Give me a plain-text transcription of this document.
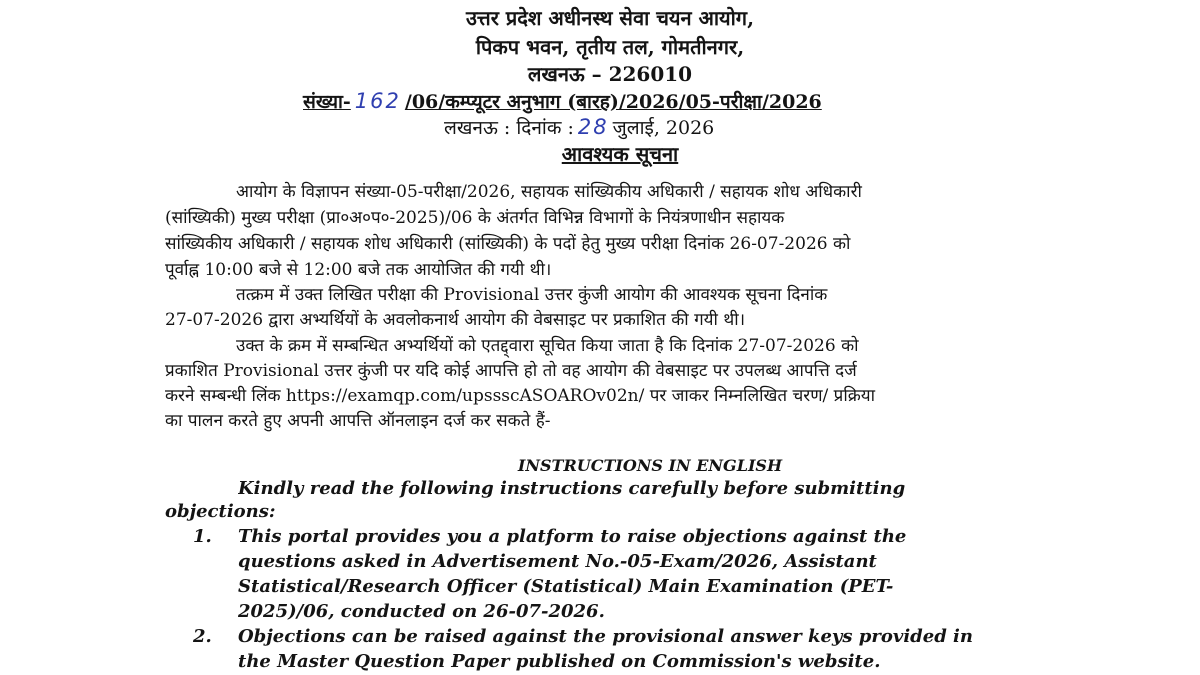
उत्तर प्रदेश अधीनस्थ सेवा चयन आयोग,
पिकप भवन, तृतीय तल, गोमतीनगर,
लखनऊ – 226010
संख्या- 162 /06/कम्प्यूटर अनुभाग (बारह)/2026/05-परीक्षा/2026
लखनऊ : दिनांक : 28 जुलाई, 2026
आवश्यक सूचना
आयोग के विज्ञापन संख्या-05-परीक्षा/2026, सहायक सांख्यिकीय अधिकारी / सहायक शोध अधिकारी
(सांख्यिकी) मुख्य परीक्षा (प्रा०अ०प०-2025)/06 के अंतर्गत विभिन्न विभागों के नियंत्रणाधीन सहायक
सांख्यिकीय अधिकारी / सहायक शोध अधिकारी (सांख्यिकी) के पदों हेतु मुख्य परीक्षा दिनांक 26-07-2026 को
पूर्वाह्न 10:00 बजे से 12:00 बजे तक आयोजित की गयी थी।
तत्क्रम में उक्त लिखित परीक्षा की Provisional उत्तर कुंजी आयोग की आवश्यक सूचना दिनांक
27-07-2026 द्वारा अभ्यर्थियों के अवलोकनार्थ आयोग की वेबसाइट पर प्रकाशित की गयी थी।
उक्त के क्रम में सम्बन्धित अभ्यर्थियों को एतद्द्वारा सूचित किया जाता है कि दिनांक 27-07-2026 को
प्रकाशित Provisional उत्तर कुंजी पर यदि कोई आपत्ति हो तो वह आयोग की वेबसाइट पर उपलब्ध आपत्ति दर्ज
करने सम्बन्धी लिंक https://examqp.com/upssscASOAROv02n/ पर जाकर निम्नलिखित चरण/ प्रक्रिया
का पालन करते हुए अपनी आपत्ति ऑनलाइन दर्ज कर सकते हैं-
INSTRUCTIONS IN ENGLISH
Kindly read the following instructions carefully before submitting
objections:
1. This portal provides you a platform to raise objections against the
questions asked in Advertisement No.-05-Exam/2026, Assistant
Statistical/Research Officer (Statistical) Main Examination (PET-
2025)/06, conducted on 26-07-2026.
2. Objections can be raised against the provisional answer keys provided in
the Master Question Paper published on Commission's website.
